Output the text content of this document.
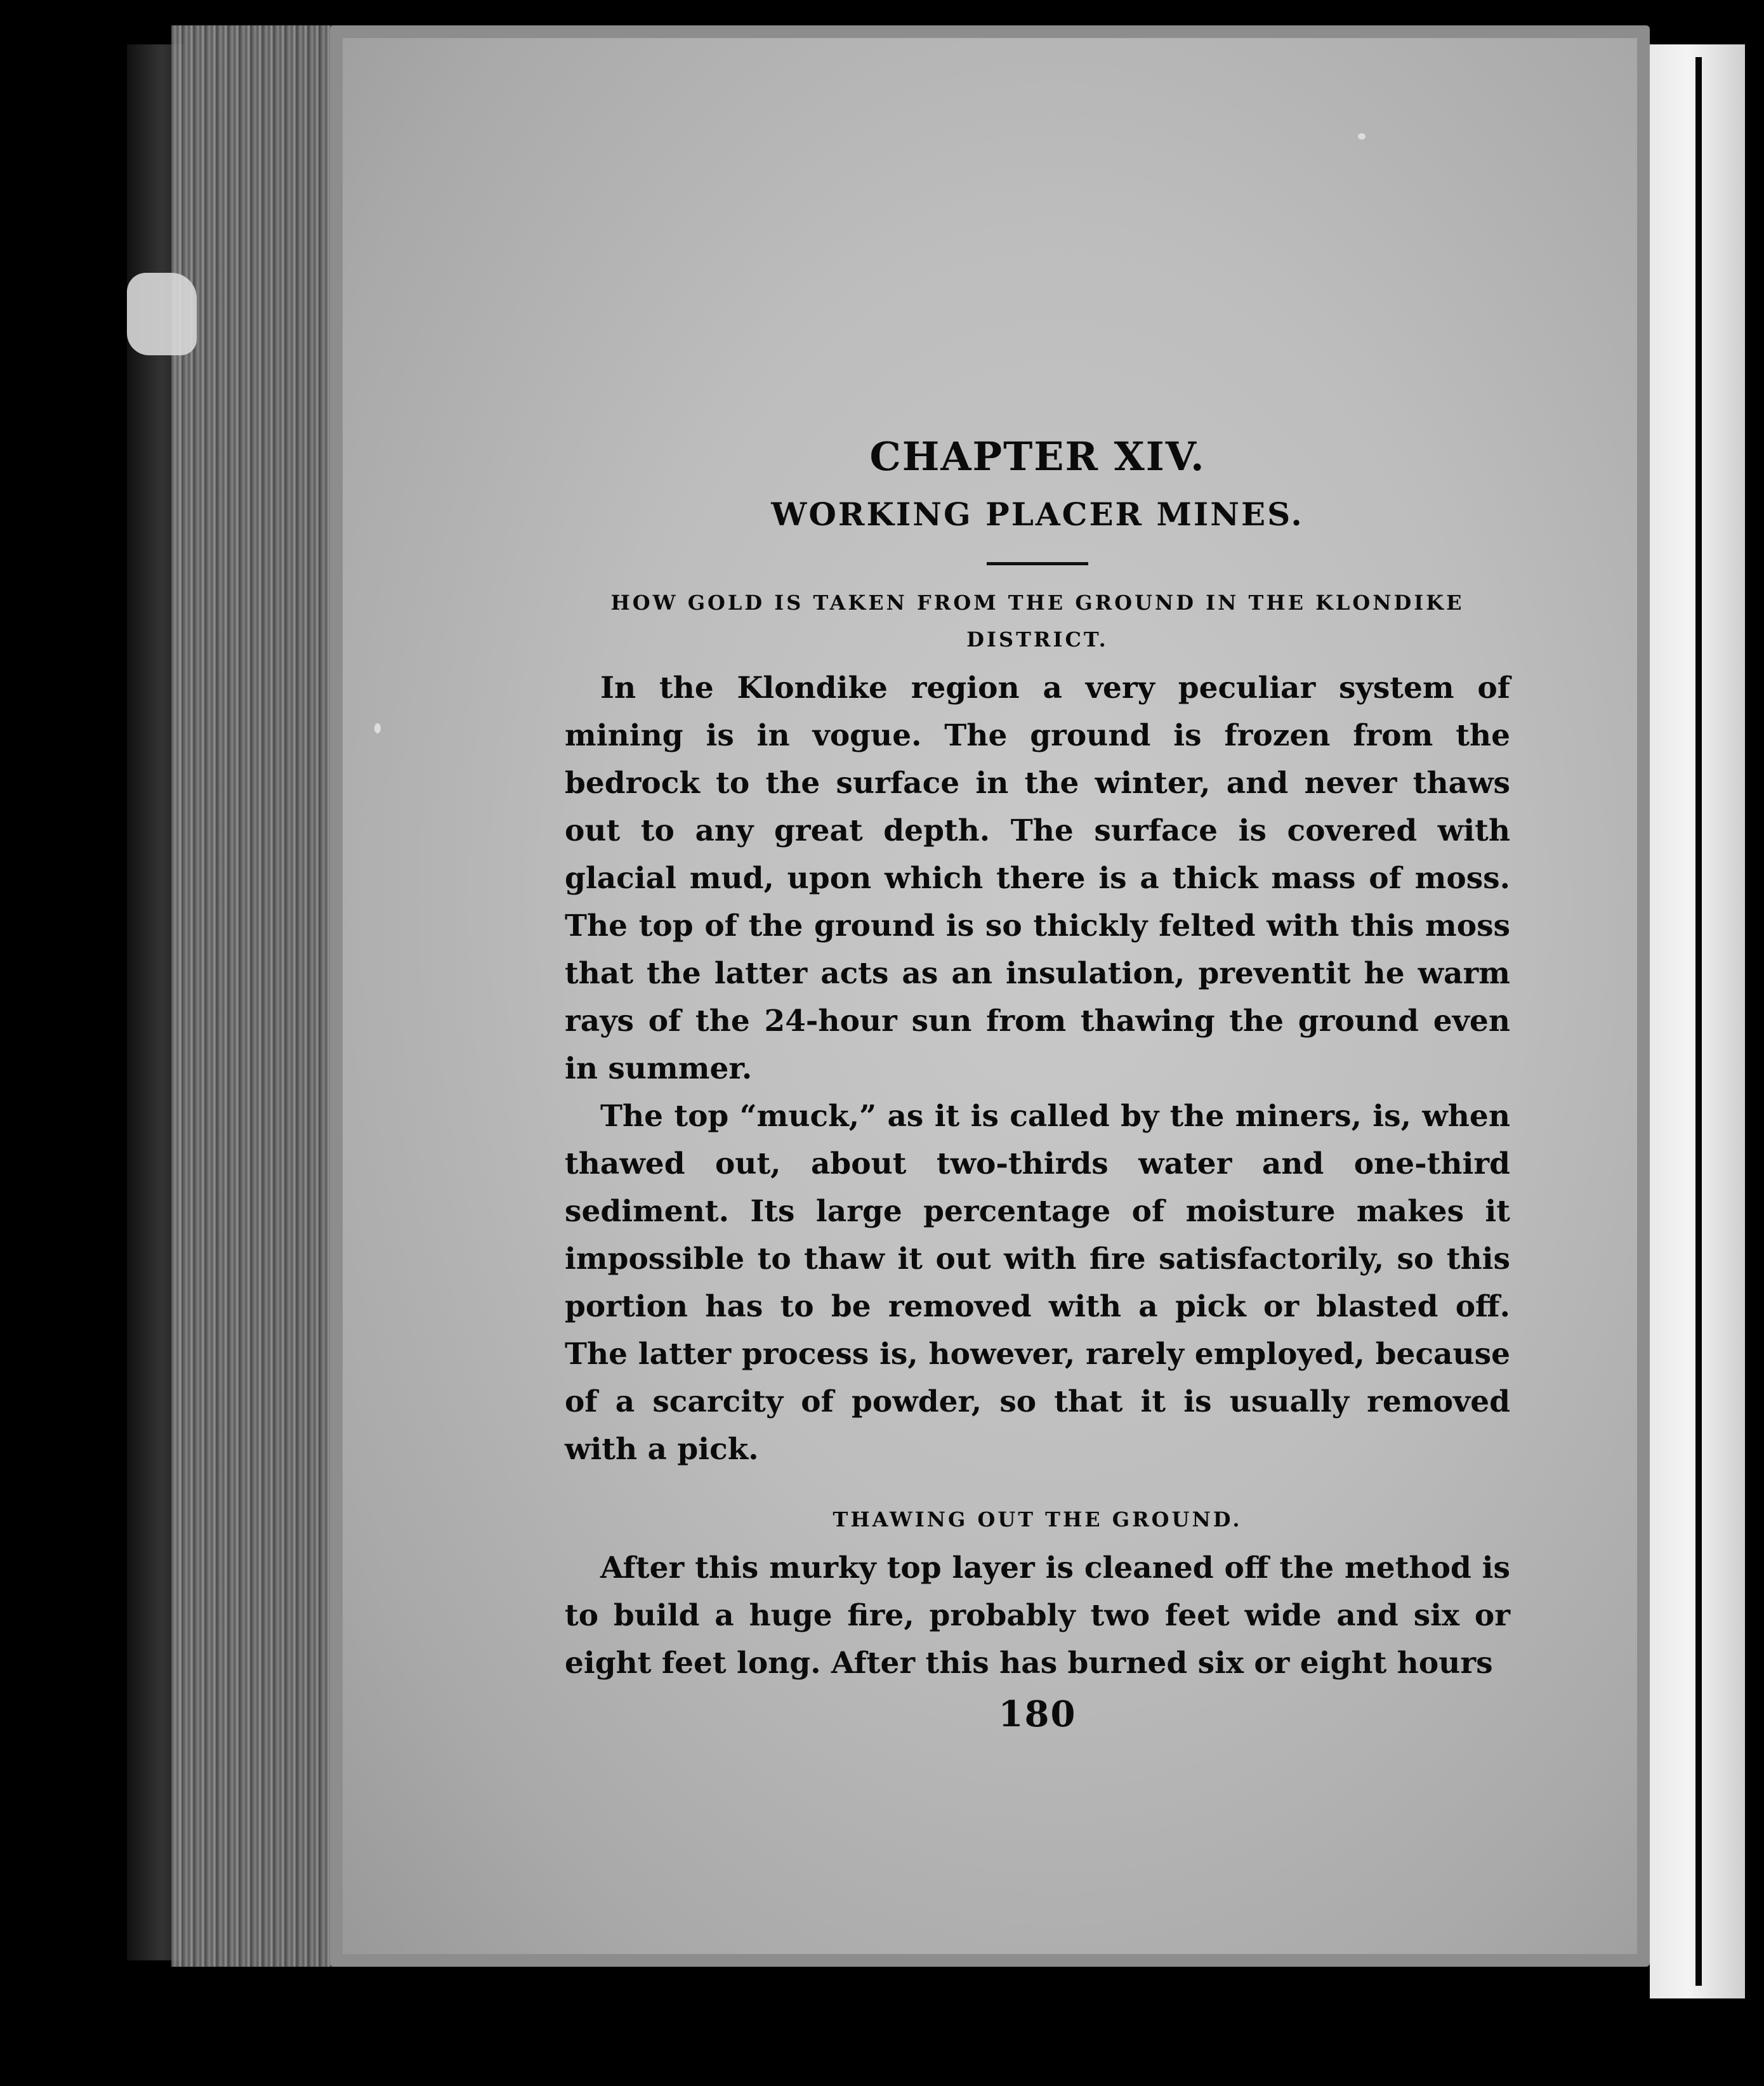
CHAPTER XIV.
WORKING PLACER MINES.

HOW GOLD IS TAKEN FROM THE GROUND IN THE KLONDIKE DISTRICT.

In the Klondike region a very peculiar system of mining is in vogue. The ground is frozen from the bedrock to the surface in the winter, and never thaws out to any great depth. The surface is covered with glacial mud, upon which there is a thick mass of moss. The top of the ground is so thickly felted with this moss that the latter acts as an insulation, preventit he warm rays of the 24-hour sun from thawing the ground even in summer.

The top “muck,” as it is called by the miners, is, when thawed out, about two-thirds water and one-third sediment. Its large percentage of moisture makes it impossible to thaw it out with fire satisfactorily, so this portion has to be removed with a pick or blasted off. The latter process is, however, rarely employed, because of a scarcity of powder, so that it is usually removed with a pick.

THAWING OUT THE GROUND.

After this murky top layer is cleaned off the method is to build a huge fire, probably two feet wide and six or eight feet long. After this has burned six or eight hours

180
